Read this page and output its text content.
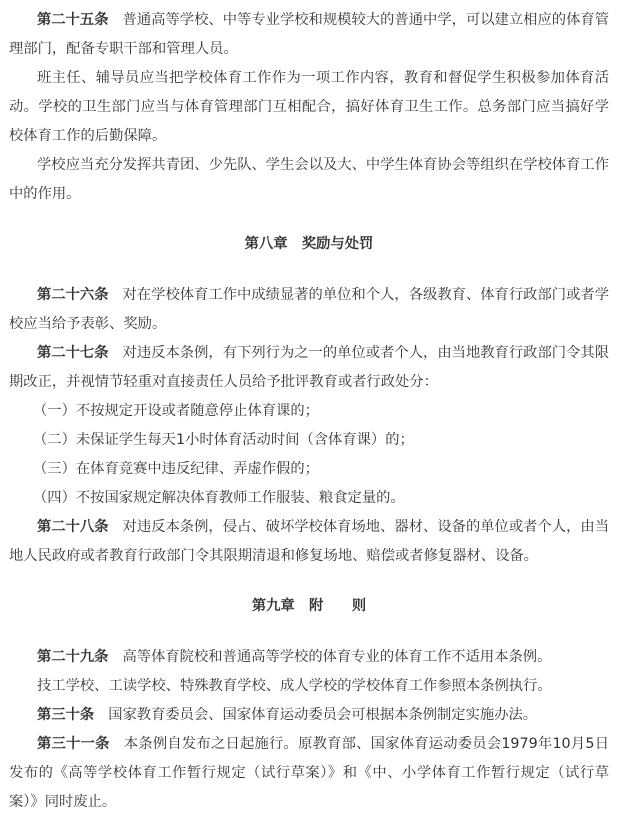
第二十五条 普通高等学校、中等专业学校和规模较大的普通中学，可以建立相应的体育管理部门，配备专职干部和管理人员。

班主任、辅导员应当把学校体育工作作为一项工作内容，教育和督促学生积极参加体育活动。学校的卫生部门应当与体育管理部门互相配合，搞好体育卫生工作。总务部门应当搞好学校体育工作的后勤保障。

学校应当充分发挥共青团、少先队、学生会以及大、中学生体育协会等组织在学校体育工作中的作用。

第八章　奖励与处罚

第二十六条 对在学校体育工作中成绩显著的单位和个人，各级教育、体育行政部门或者学校应当给予表彰、奖励。

第二十七条 对违反本条例，有下列行为之一的单位或者个人，由当地教育行政部门令其限期改正，并视情节轻重对直接责任人员给予批评教育或者行政处分：

（一）不按规定开设或者随意停止体育课的；

（二）未保证学生每天1小时体育活动时间（含体育课）的；

（三）在体育竞赛中违反纪律、弄虚作假的；

（四）不按国家规定解决体育教师工作服装、粮食定量的。

第二十八条 对违反本条例，侵占、破坏学校体育场地、器材、设备的单位或者个人，由当地人民政府或者教育行政部门令其限期清退和修复场地、赔偿或者修复器材、设备。

第九章　附　　则

第二十九条 高等体育院校和普通高等学校的体育专业的体育工作不适用本条例。

技工学校、工读学校、特殊教育学校、成人学校的学校体育工作参照本条例执行。

第三十条 国家教育委员会、国家体育运动委员会可根据本条例制定实施办法。

第三十一条 本条例自发布之日起施行。原教育部、国家体育运动委员会1979年10月5日发布的《高等学校体育工作暂行规定（试行草案）》和《中、小学体育工作暂行规定（试行草案）》同时废止。
